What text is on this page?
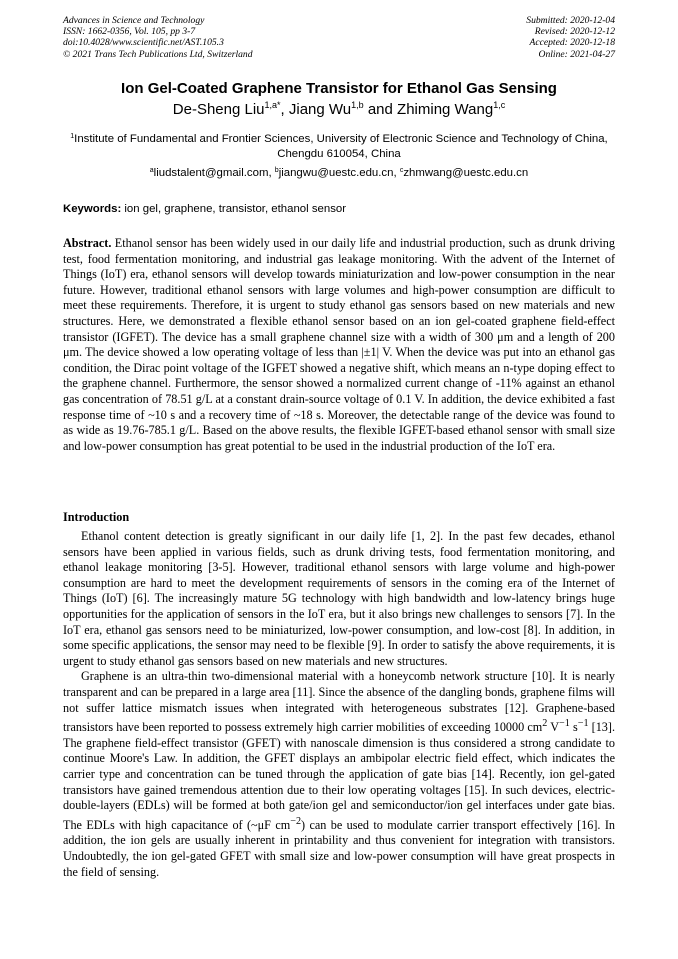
Advances in Science and Technology
ISSN: 1662-0356, Vol. 105, pp 3-7
doi:10.4028/www.scientific.net/AST.105.3
© 2021 Trans Tech Publications Ltd, Switzerland
Submitted: 2020-12-04
Revised: 2020-12-12
Accepted: 2020-12-18
Online: 2021-04-27
Ion Gel-Coated Graphene Transistor for Ethanol Gas Sensing
De-Sheng Liu$^{1,a*}$, Jiang Wu$^{1,b}$ and Zhiming Wang$^{1,c}$
$^1$Institute of Fundamental and Frontier Sciences, University of Electronic Science and Technology of China, Chengdu 610054, China
$^a$liudstalent@gmail.com, $^b$jiangwu@uestc.edu.cn, $^c$zhmwang@uestc.edu.cn
Keywords: ion gel, graphene, transistor, ethanol sensor
Abstract. Ethanol sensor has been widely used in our daily life and industrial production, such as drunk driving test, food fermentation monitoring, and industrial gas leakage monitoring. With the advent of the Internet of Things (IoT) era, ethanol sensors will develop towards miniaturization and low-power consumption in the near future. However, traditional ethanol sensors with large volumes and high-power consumption are difficult to meet these requirements. Therefore, it is urgent to study ethanol gas sensors based on new materials and new structures. Here, we demonstrated a flexible ethanol sensor based on an ion gel-coated graphene field-effect transistor (IGFET). The device has a small graphene channel size with a width of 300 μm and a length of 200 μm. The device showed a low operating voltage of less than |±1| V. When the device was put into an ethanol gas condition, the Dirac point voltage of the IGFET showed a negative shift, which means an n-type doping effect to the graphene channel. Furthermore, the sensor showed a normalized current change of -11% against an ethanol gas concentration of 78.51 g/L at a constant drain-source voltage of 0.1 V. In addition, the device exhibited a fast response time of ~10 s and a recovery time of ~18 s. Moreover, the detectable range of the device was found to as wide as 19.76-785.1 g/L. Based on the above results, the flexible IGFET-based ethanol sensor with small size and low-power consumption has great potential to be used in the industrial production of the IoT era.
Introduction

Ethanol content detection is greatly significant in our daily life [1, 2]. In the past few decades, ethanol sensors have been applied in various fields, such as drunk driving tests, food fermentation monitoring, and ethanol leakage monitoring [3-5]. However, traditional ethanol sensors with large volume and high-power consumption are hard to meet the development requirements of sensors in the coming era of the Internet of Things (IoT) [6]. The increasingly mature 5G technology with high bandwidth and low-latency brings huge opportunities for the application of sensors in the IoT era, but it also brings new challenges to sensors [7]. In the IoT era, ethanol gas sensors need to be miniaturized, low-power consumption, and low-cost [8]. In addition, in some specific applications, the sensor may need to be flexible [9]. In order to satisfy the above requirements, it is urgent to study ethanol gas sensors based on new materials and new structures.

Graphene is an ultra-thin two-dimensional material with a honeycomb network structure [10]. It is nearly transparent and can be prepared in a large area [11]. Since the absence of the dangling bonds, graphene films will not suffer lattice mismatch issues when integrated with heterogeneous substrates [12]. Graphene-based transistors have been reported to possess extremely high carrier mobilities of exceeding 10000 $cm^2$ $V^{-1}$ $s^{-1}$ [13]. The graphene field-effect transistor (GFET) with nanoscale dimension is thus considered a strong candidate to continue Moore's Law. In addition, the GFET displays an ambipolar electric field effect, which indicates the carrier type and concentration can be tuned through the application of gate bias [14]. Recently, ion gel-gated transistors have gained tremendous attention due to their low operating voltages [15]. In such devices, electric-double-layers (EDLs) will be formed at both gate/ion gel and semiconductor/ion gel interfaces under gate bias. The EDLs with high capacitance of (~μF $cm^{-2}$) can be used to modulate carrier transport effectively [16]. In addition, the ion gels are usually inherent in printability and thus convenient for integration with transistors. Undoubtedly, the ion gel-gated GFET with small size and low-power consumption will have great prospects in the field of sensing.
